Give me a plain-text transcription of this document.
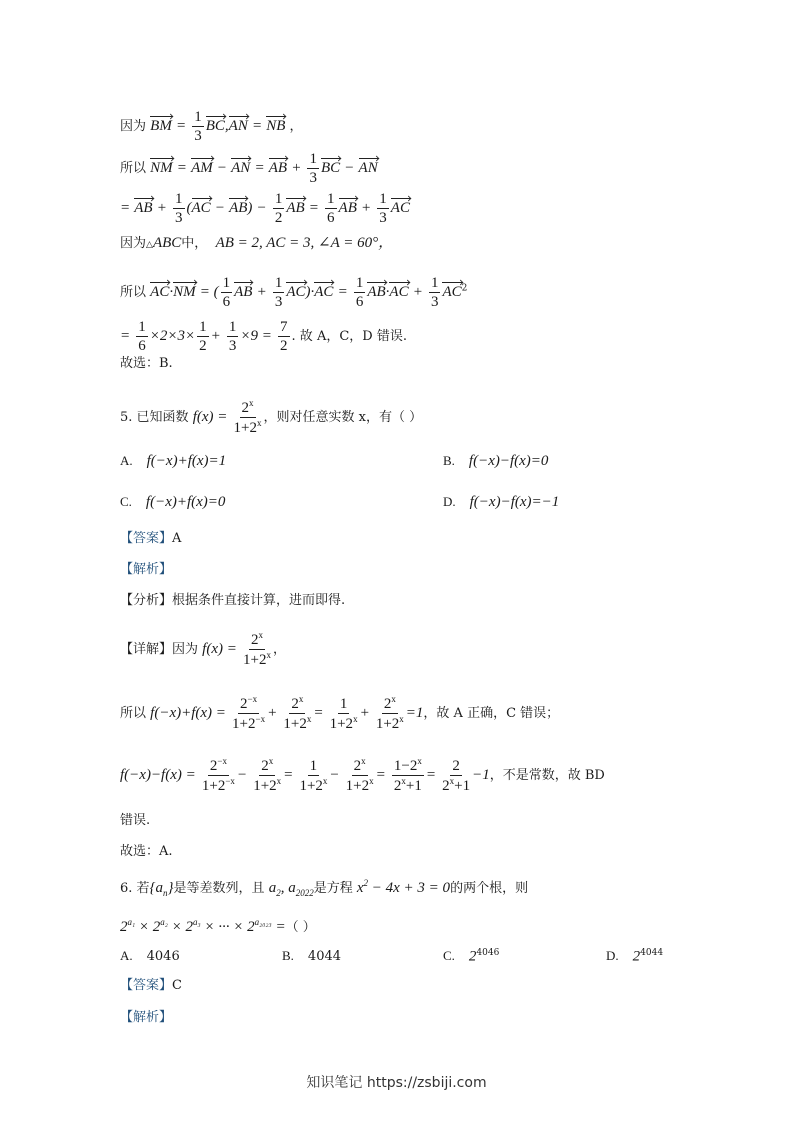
因为 BM = $\frac{1}{3} BC,AN$ = NB ，
所以 NM = AM − AN = AB + $\frac{1}{3}$ BC − AN
= AB + $\frac{1}{3} (AC - AB) - \frac{1}{2}$ AB = $\frac{1}{6}$ AB + $\frac{1}{3}$ AC
因为△ABC中， AB = 2, AC = 3, ∠A = 60°，
所以 AC·NM = ( $\frac{1}{6}$ AB + $\frac{1}{3} AC)\cdot AC = \frac{1}{6} AB\cdot AC + \frac{1}{3} AC^2$
= $\frac{1}{6} \times 2\times 3\times \frac{1}{2} + \frac{1}{3} \times 9 = \frac{7}{2}$ . 故 A，C，D 错误.
故选：B.
5. 已知函数 $f(x) = \frac{2^x}{1+2^x}$ ，则对任意实数 x，有（ ）
A. f(−x)+f(x)=1	B. f(−x)−f(x)=0
C. f(−x)+f(x)=0	D. f(−x)−f(x)=−1
【答案】A
【解析】
【分析】根据条件直接计算，进而即得.
【详解】因为 $f(x) = \frac{2^x}{1+2^x}$ ，
所以 $f(-x)+f(x) = \frac{2^{-x}}{1+2^{-x}} + \frac{2^x}{1+2^x} = \frac{1}{1+2^x} + \frac{2^x}{1+2^x} =1$，故 A 正确，C 错误；
$f(-x)-f(x) = \frac{2^{-x}}{1+2^{-x}} - \frac{2^x}{1+2^x} = \frac{1}{1+2^x} - \frac{2^x}{1+2^x} = \frac{1-2^x}{2^x+1} = \frac{2}{2^x+1} -1$，不是常数，故 BD
错误.
故选：A.
6. 若$\{a_n\}$是等差数列，且 $a_2$, $a_{2022}$是方程 $x^2 - 4x + 3 = 0$的两个根，则
$2^{a_1} \times 2^{a_2} \times 2^{a_3}$ × ··· × $2^{a_{2023}}$ =（ ）
A. 4046	B. 4044	C. $2^{4046}$	D. $2^{4044}$
【答案】C
【解析】
知识笔记 https://zsbiji.com
